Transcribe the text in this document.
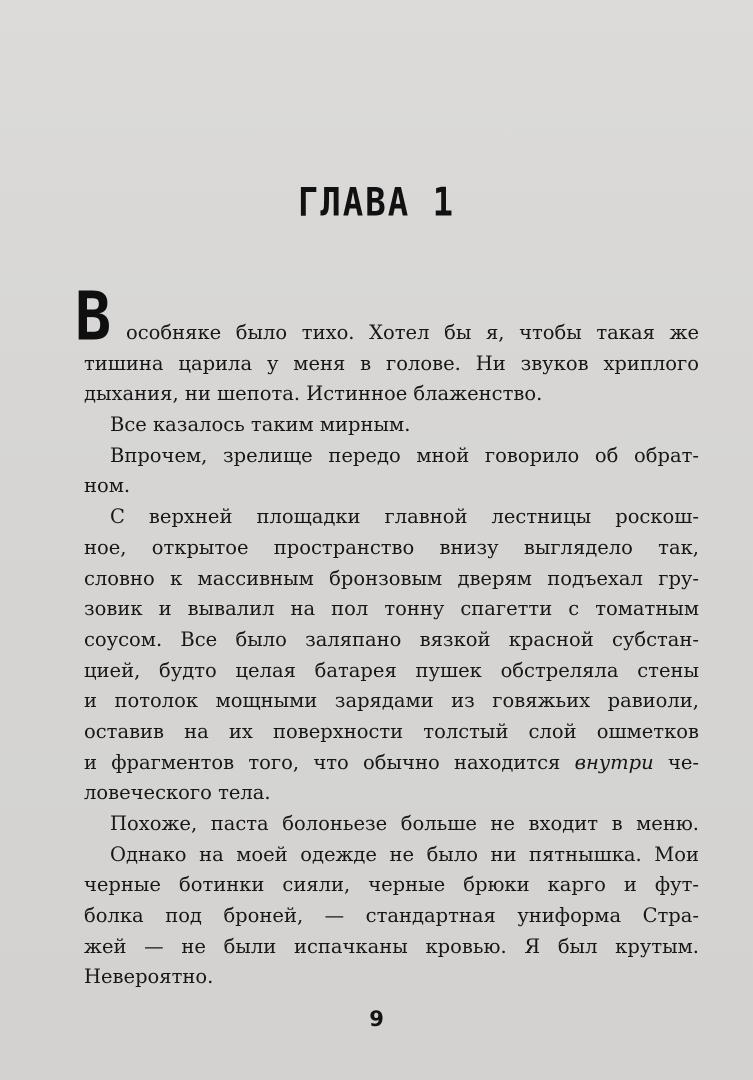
ГЛАВА 1
В особняке было тихо. Хотел бы я, чтобы такая же
тишина царила у меня в голове. Ни звуков хриплого
дыхания, ни шепота. Истинное блаженство.
Все казалось таким мирным.
Впрочем, зрелище передо мной говорило об обрат-
ном.
С верхней площадки главной лестницы роскош-
ное, открытое пространство внизу выглядело так,
словно к массивным бронзовым дверям подъехал гру-
зовик и вывалил на пол тонну спагетти с томатным
соусом. Все было заляпано вязкой красной субстан-
цией, будто целая батарея пушек обстреляла стены
и потолок мощными зарядами из говяжьих равиоли,
оставив на их поверхности толстый слой ошметков
и фрагментов того, что обычно находится внутри че-
ловеческого тела.
Похоже, паста болоньезе больше не входит в меню.
Однако на моей одежде не было ни пятнышка. Мои
черные ботинки сияли, черные брюки карго и фут-
болка под броней, — стандартная униформа Стра-
жей — не были испачканы кровью. Я был крутым.
Невероятно.
9
